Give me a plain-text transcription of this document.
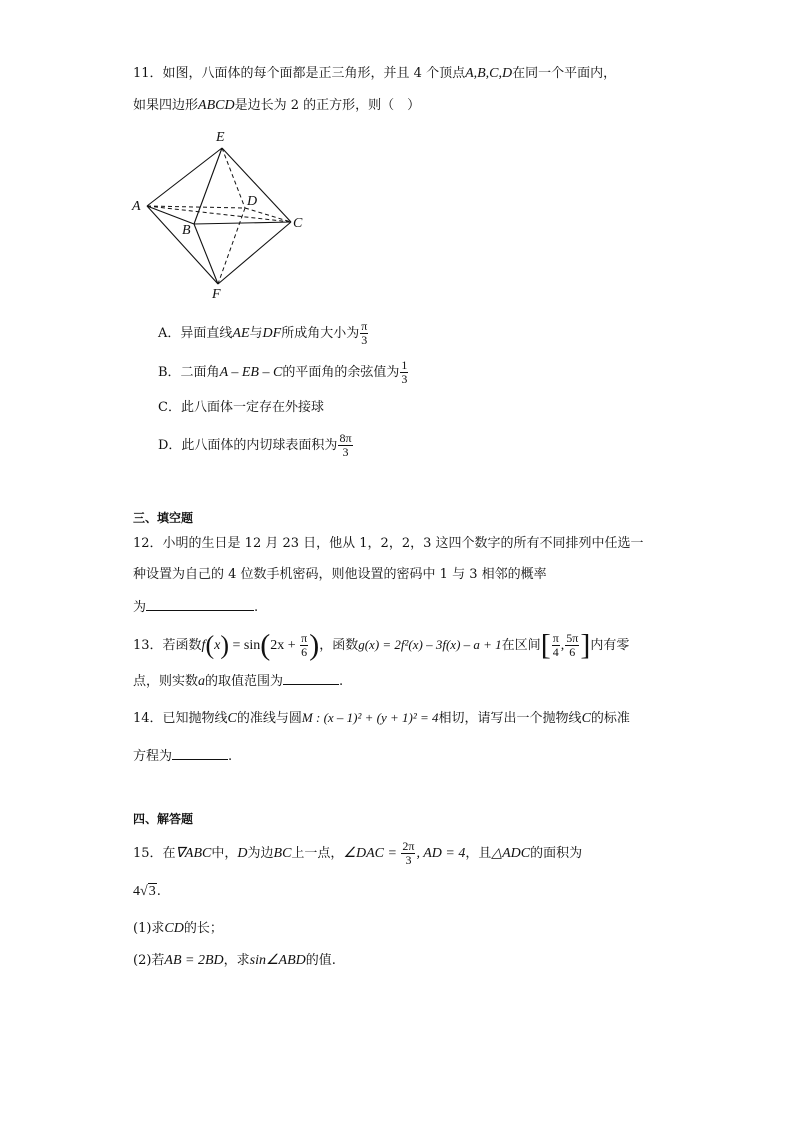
11．如图，八面体的每个面都是正三角形，并且 4 个顶点A,B,C,D在同一个平面内，
如果四边形ABCD是边长为 2 的正方形，则（　）
E
A	D
C
B
F
A．异面直线AE与DF所成角大小为 $\frac{\pi}{3}$
B．二面角A – EB – C的平面角的余弦值为 $\frac{1}{3}$
C．此八面体一定存在外接球
D．此八面体的内切球表面积为 $\frac{8\pi}{3}$
三、填空题
12．小明的生日是 12 月 23 日，他从 1，2，2，3 这四个数字的所有不同排列中任选一
种设置为自己的 4 位数手机密码，则他设置的密码中 1 与 3 相邻的概率
为	.
13．若函数$f(x) = \sin(2x + \frac{\pi}{6}$ )，函数g(x) = 2f²(x) – 3f(x) – a + 1在区间[ $\frac{\pi}{4}$ , $\frac{5\pi}{6}$ ]内有零
点，则实数a的取值范围为	.
14．已知抛物线C的准线与圆M : (x – 1)² + (y + 1)² = 4相切，请写出一个抛物线C的标准
方程为	.
四、解答题
15．在∇ABC中，D为边BC上一点，∠DAC = $\frac{2\pi}{3}$ , AD = 4，且△ADC的面积为
4√3.
(1)求CD的长；
(2)若AB = 2BD，求sin∠ABD的值.
